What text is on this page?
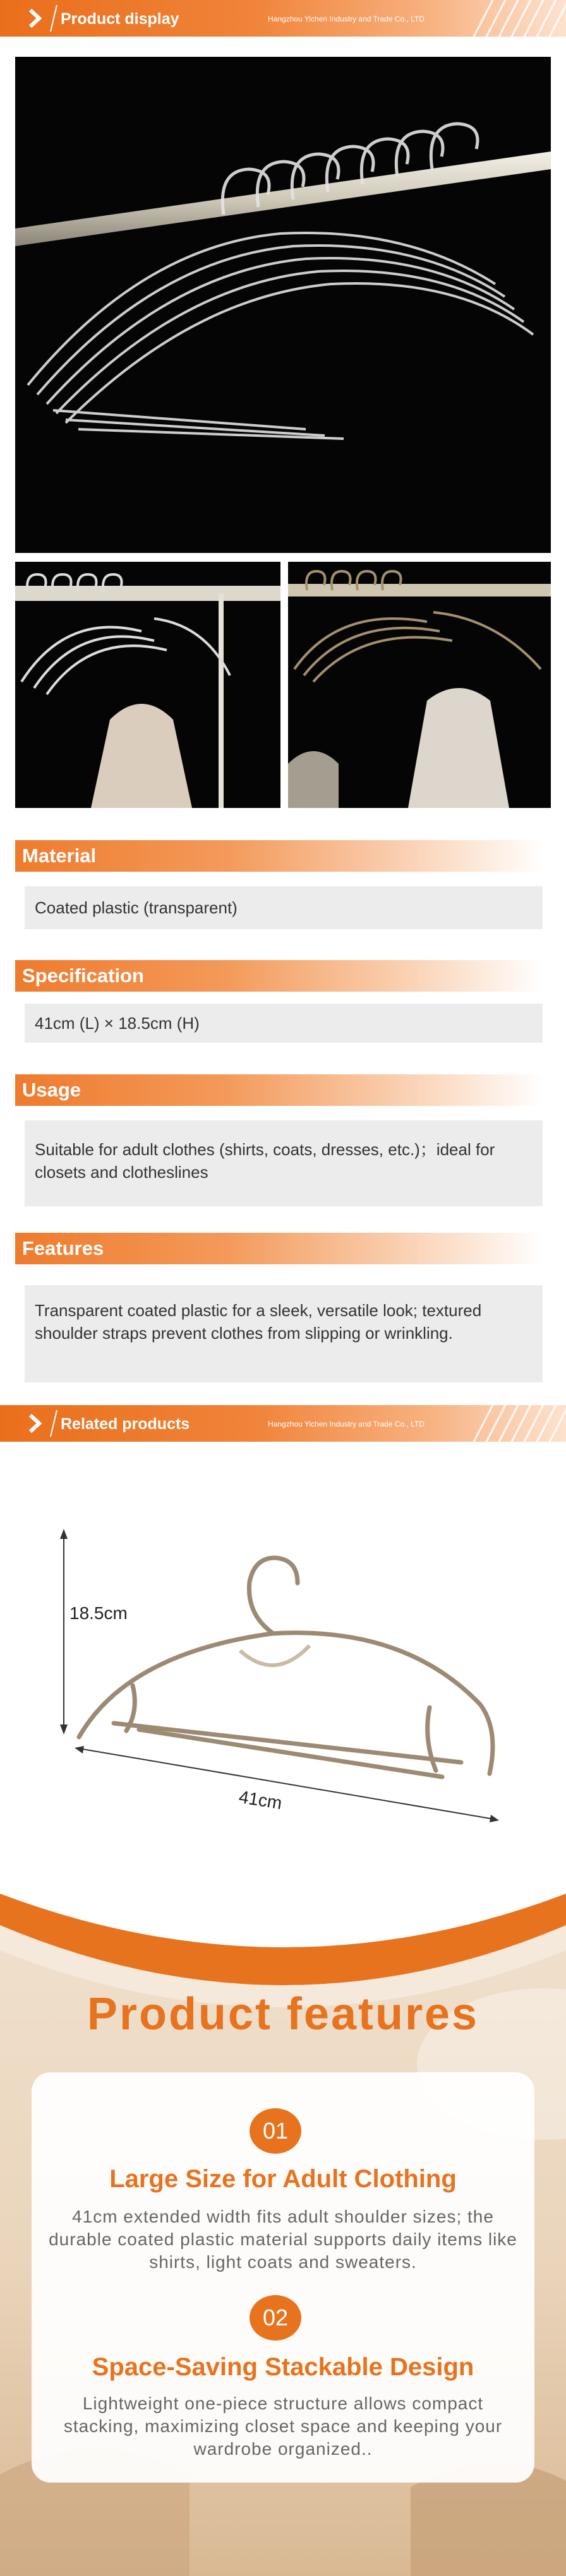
Product display	Hangzhou Yichen Industry and Trade Co., LTD
Material
Coated plastic (transparent)
Specification
41cm (L) × 18.5cm (H)
Usage
Suitable for adult clothes (shirts, coats, dresses, etc.)；ideal for closets and clotheslines
Features
Transparent coated plastic for a sleek, versatile look; textured shoulder straps prevent clothes from slipping or wrinkling.
Related products	Hangzhou Yichen Industry and Trade Co., LTD
18.5cm
41cm
Product features
01
Large Size for Adult Clothing
41cm extended width fits adult shoulder sizes; the durable coated plastic material supports daily items like shirts, light coats and sweaters.
02
Space-Saving Stackable Design
Lightweight one-piece structure allows compact stacking, maximizing closet space and keeping your wardrobe organized..
